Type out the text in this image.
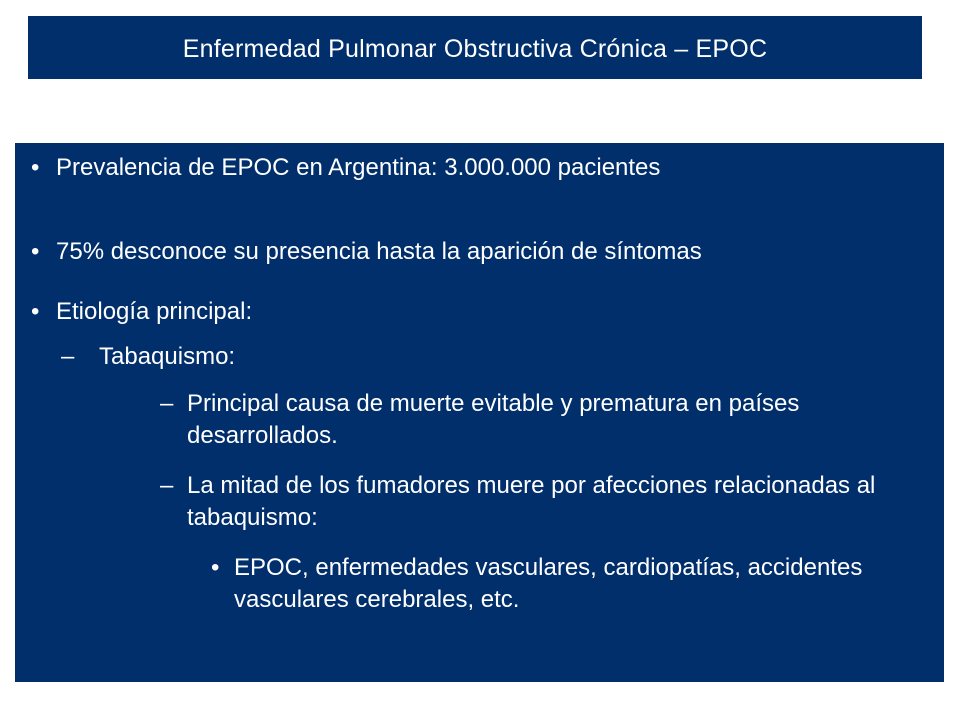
Enfermedad Pulmonar Obstructiva Crónica – EPOC
• Prevalencia de EPOC en Argentina: 3.000.000 pacientes
• 75% desconoce su presencia hasta la aparición de síntomas
• Etiología principal:
– Tabaquismo:
– Principal causa de muerte evitable y prematura en países desarrollados.
– La mitad de los fumadores muere por afecciones relacionadas al tabaquismo:
• EPOC, enfermedades vasculares, cardiopatías, accidentes vasculares cerebrales, etc.
